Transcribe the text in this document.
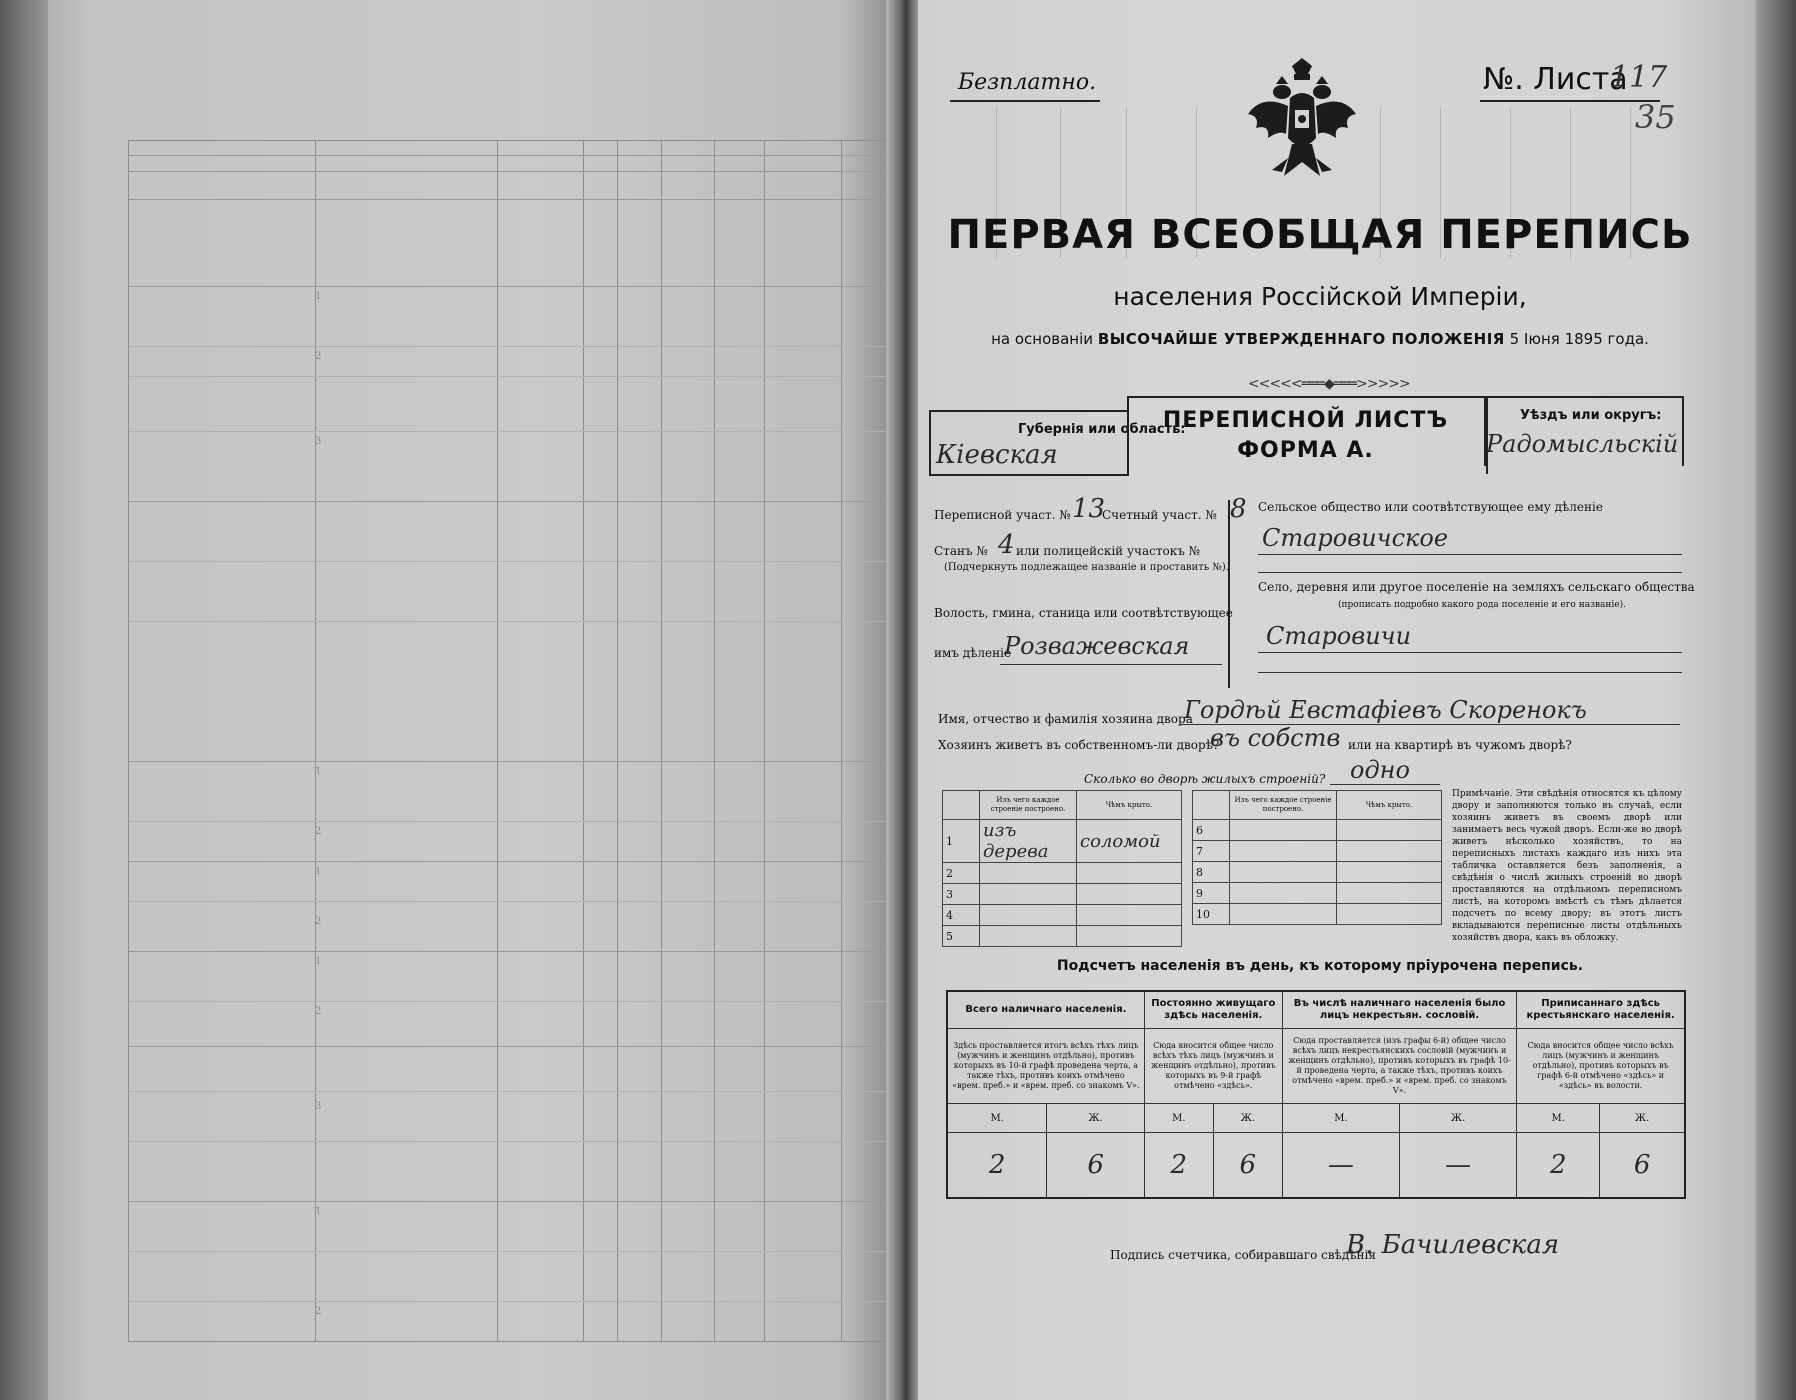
1
2
3
1
2
1
2
1
2
3
1
2
Безплатно.	№. Листа
117
35
ПЕРВАЯ ВСЕОБЩАЯ ПЕРЕПИСЬ
населения Россійской Имперіи,
на основаніи ВЫСОЧАЙШЕ УТВЕРЖДЕННАГО ПОЛОЖЕНІЯ 5 Іюня 1895 года.
<<<<<═══◆═══>>>>>
Губернія или область:
Кіевская
ПЕРЕПИСНОЙ ЛИСТЪ
ФОРМА А.
Уѣздъ или округъ:
Радомысльскій
Переписной участ. № 13
Счетный участ. № 8
Станъ № 4 или полицейскій участокъ №
(Подчеркнуть подлежащее названіе и проставить №).
Волость, гмина, станица или соотвѣтствующее
имъ дѣленіе
Розважевская
Сельское общество или соотвѣтствующее ему дѣленіе
Старовичское
Село, деревня или другое поселеніе на земляхъ сельскаго общества
(прописать подробно какого рода поселеніе и его названіе).
Старовичи
Имя, отчество и фамилія хозяина двора
Гордѣй Евстафіевъ Скоренокъ
Хозяинъ живетъ въ собственномъ-ли дворѣ?
въ собств или на квартирѣ въ чужомъ дворѣ?
Сколько во дворѣ жилыхъ строеній? одно
	Изъ чего каждое строеніе построено.	Чѣмъ крыто.
1	изъ дерева	соломой
2		
3		
4		
5		
	Изъ чего каждое строеніе построено.	Чѣмъ крыто.
6		
7		
8		
9		
10		
Примѣчаніе. Эти свѣдѣнія относятся къ цѣлому двору и заполняются только въ случаѣ, если хозяинъ живетъ въ своемъ дворѣ или занимаетъ весь чужой дворъ. Если-же во дворѣ живетъ нѣсколько хозяйствъ, то на переписныхъ листахъ каждаго изъ нихъ эта табличка оставляется безъ заполненія, а свѣдѣнія о числѣ жилыхъ строеній во дворѣ проставляются на отдѣльномъ переписномъ листѣ, на которомъ вмѣстѣ съ тѣмъ дѣлается подсчетъ по всему двору; въ этотъ листъ вкладываются переписные листы отдѣльныхъ хозяйствъ двора, какъ въ обложку.
Подсчетъ населенія въ день, къ которому пріурочена перепись.
Всего наличнаго населенія.		Постоянно живущаго здѣсь населенія.		Въ числѣ наличнаго населенія было лицъ некрестьян. сословій.		Приписаннаго здѣсь крестьянскаго населенія.	
Здѣсь проставляется итогъ всѣхъ тѣхъ лицъ (мужчинъ и женщинъ отдѣльно), противъ которыхъ въ 10-й графѣ проведена черта, а также тѣхъ, противъ коихъ отмѣчено «врем. преб.» и «врем. преб. со знакомъ V».		Сюда вносится общее число всѣхъ тѣхъ лицъ (мужчинъ и женщинъ отдѣльно), противъ которыхъ въ 9-й графѣ отмѣчено «здѣсь».		Сюда проставляется (изъ графы 6-й) общее число всѣхъ лицъ некрестьянскихъ сословій (мужчинъ и женщинъ отдѣльно), противъ которыхъ въ графѣ 10-й проведена черта, а также тѣхъ, противъ коихъ отмѣчено «врем. преб.» и «врем. преб. со знакомъ V».		Сюда вносится общее число всѣхъ лицъ (мужчинъ и женщинъ отдѣльно), противъ которыхъ въ графѣ 6-й отмѣчено «здѣсь» и «здѣсь» въ волости.	
М.	Ж.	М.	Ж.	М.	Ж.	М.	Ж.
2	6	2	6	—	—	2	6
Подпись счетчика, собиравшаго свѣдѣнія
В. Бачилевская
